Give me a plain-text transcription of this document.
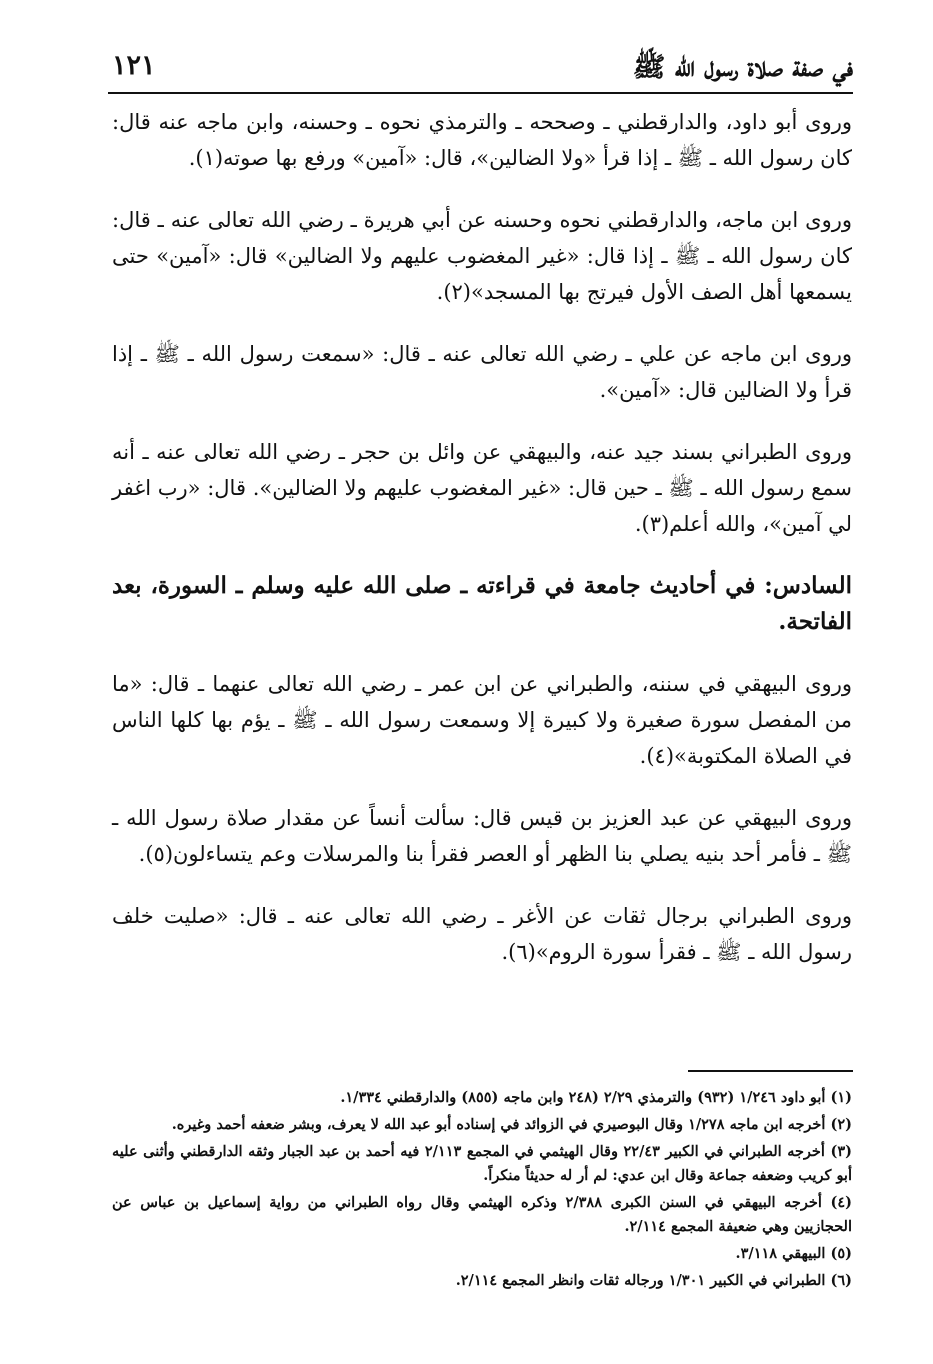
في صفة صلاة رسول الله ﷺ
١٢١

وروى أبو داود، والدارقطني ـ وصححه ـ والترمذي نحوه ـ وحسنه، وابن ماجه عنه قال: كان رسول الله ـ ﷺ ـ إذا قرأ «ولا الضالين»، قال: «آمين» ورفع بها صوته(١).

وروى ابن ماجه، والدارقطني نحوه وحسنه عن أبي هريرة ـ رضي الله تعالى عنه ـ قال: كان رسول الله ـ ﷺ ـ إذا قال: «غير المغضوب عليهم ولا الضالين» قال: «آمين» حتى يسمعها أهل الصف الأول فيرتج بها المسجد»(٢).

وروى ابن ماجه عن علي ـ رضي الله تعالى عنه ـ قال: «سمعت رسول الله ـ ﷺ ـ إذا قرأ ولا الضالين قال: «آمين».

وروى الطبراني بسند جيد عنه، والبيهقي عن وائل بن حجر ـ رضي الله تعالى عنه ـ أنه سمع رسول الله ـ ﷺ ـ حين قال: «غير المغضوب عليهم ولا الضالين». قال: «رب اغفر لي آمين»، والله أعلم(٣).

السادس: في أحاديث جامعة في قراءته ـ صلى الله عليه وسلم ـ السورة، بعد الفاتحة.

وروى البيهقي في سننه، والطبراني عن ابن عمر ـ رضي الله تعالى عنهما ـ قال: «ما من المفصل سورة صغيرة ولا كبيرة إلا وسمعت رسول الله ـ ﷺ ـ يؤم بها كلها الناس في الصلاة المكتوبة»(٤).

وروى البيهقي عن عبد العزيز بن قيس قال: سألت أنساً عن مقدار صلاة رسول الله ـ ﷺ ـ فأمر أحد بنيه يصلي بنا الظهر أو العصر فقرأ بنا والمرسلات وعم يتساءلون(٥).

وروى الطبراني برجال ثقات عن الأغر ـ رضي الله تعالى عنه ـ قال: «صليت خلف رسول الله ـ ﷺ ـ فقرأ سورة الروم»(٦).

(١) أبو داود ١/٢٤٦ (٩٣٢) والترمذي ٢/٢٩ (٢٤٨ وابن ماجه (٨٥٥) والدارقطني ١/٣٣٤.

(٢) أخرجه ابن ماجه ١/٢٧٨ وقال البوصيري في الزوائد في إسناده أبو عبد الله لا يعرف، وبشر ضعفه أحمد وغيره.

(٣) أخرجه الطبراني في الكبير ٢٢/٤٣ وقال الهيثمي في المجمع ٢/١١٣ فيه أحمد بن عبد الجبار وثقه الدارقطني وأثنى عليه أبو كريب وضعفه جماعة وقال ابن عدي: لم أر له حديثاً منكراً.

(٤) أخرجه البيهقي في السنن الكبرى ٢/٣٨٨ وذكره الهيثمي وقال رواه الطبراني من رواية إسماعيل بن عباس عن الحجازيين وهي ضعيفة المجمع ٢/١١٤.

(٥) البيهقي ٣/١١٨.

(٦) الطبراني في الكبير ١/٣٠١ ورجاله ثقات وانظر المجمع ٢/١١٤.
